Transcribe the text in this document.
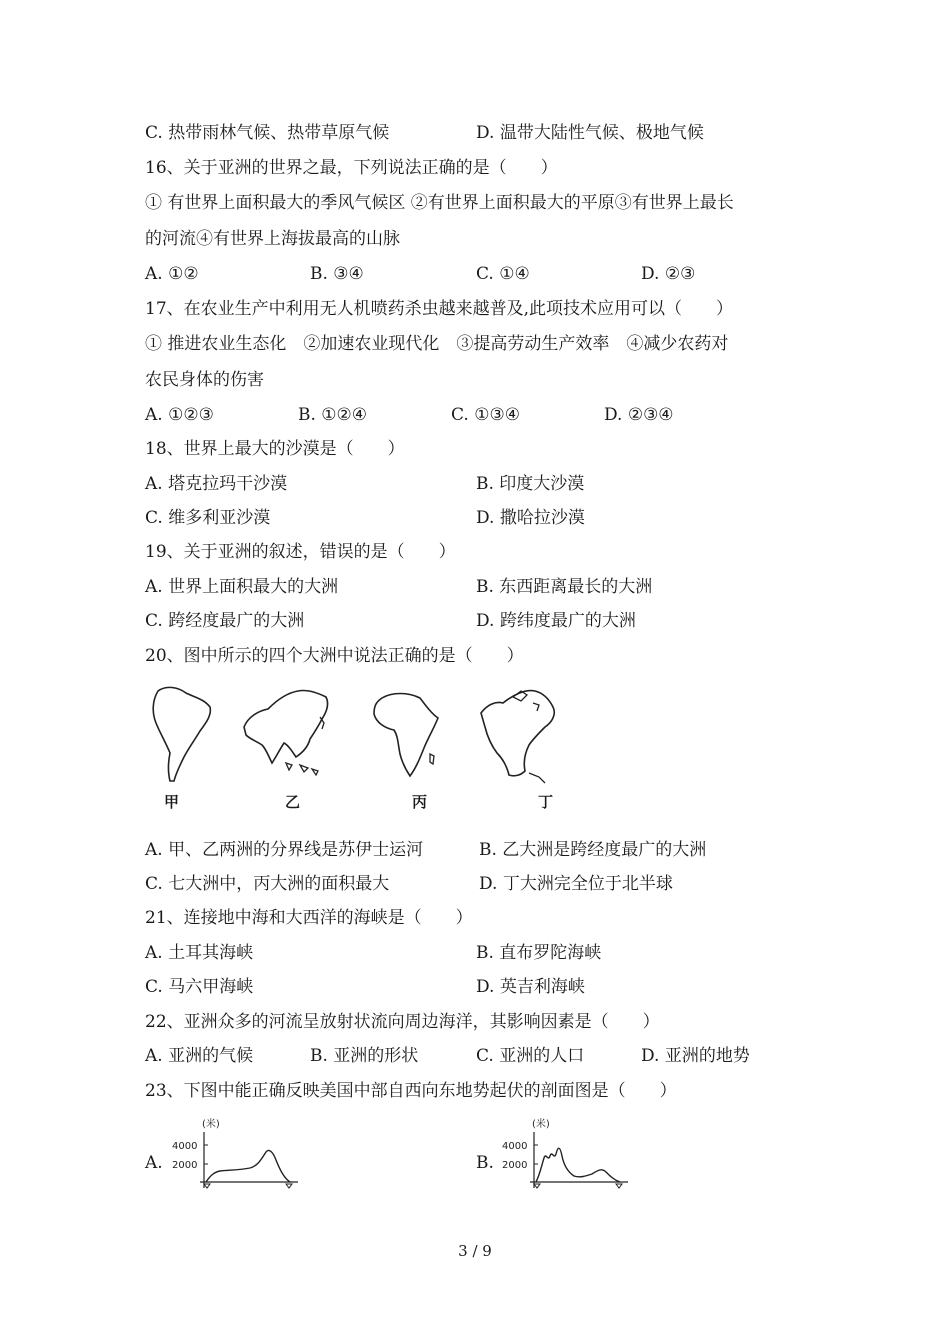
C. 热带雨林气候、热带草原气候	D. 温带大陆性气候、极地气候
16、关于亚洲的世界之最，下列说法正确的是（　　）
① 有世界上面积最大的季风气候区 ②有世界上面积最大的平原③有世界上最长
的河流④有世界上海拔最高的山脉
A. ①②	B. ③④	C. ①④	D. ②③
17、在农业生产中利用无人机喷药杀虫越来越普及,此项技术应用可以（　　）
① 推进农业生态化　②加速农业现代化　③提高劳动生产效率　④减少农药对
农民身体的伤害
A. ①②③	B. ①②④	C. ①③④	D. ②③④
18、世界上最大的沙漠是（　　）
A. 塔克拉玛干沙漠	B. 印度大沙漠
C. 维多利亚沙漠	D. 撒哈拉沙漠
19、关于亚洲的叙述，错误的是（　　）
A. 世界上面积最大的大洲	B. 东西距离最长的大洲
C. 跨经度最广的大洲	D. 跨纬度最广的大洲
20、图中所示的四个大洲中说法正确的是（　　）
甲	乙	丙	丁
A. 甲、乙两洲的分界线是苏伊士运河	B. 乙大洲是跨经度最广的大洲
C. 七大洲中，丙大洲的面积最大	D. 丁大洲完全位于北半球
21、连接地中海和大西洋的海峡是（　　）
A. 土耳其海峡	B. 直布罗陀海峡
C. 马六甲海峡	D. 英吉利海峡
22、亚洲众多的河流呈放射状流向周边海洋，其影响因素是（　　）
A. 亚洲的气候	B. 亚洲的形状	C. 亚洲的人口	D. 亚洲的地势
23、下图中能正确反映美国中部自西向东地势起伏的剖面图是（　　）
A.	B.
(米)
4000
2000
(米)
4000
2000
3 / 9
